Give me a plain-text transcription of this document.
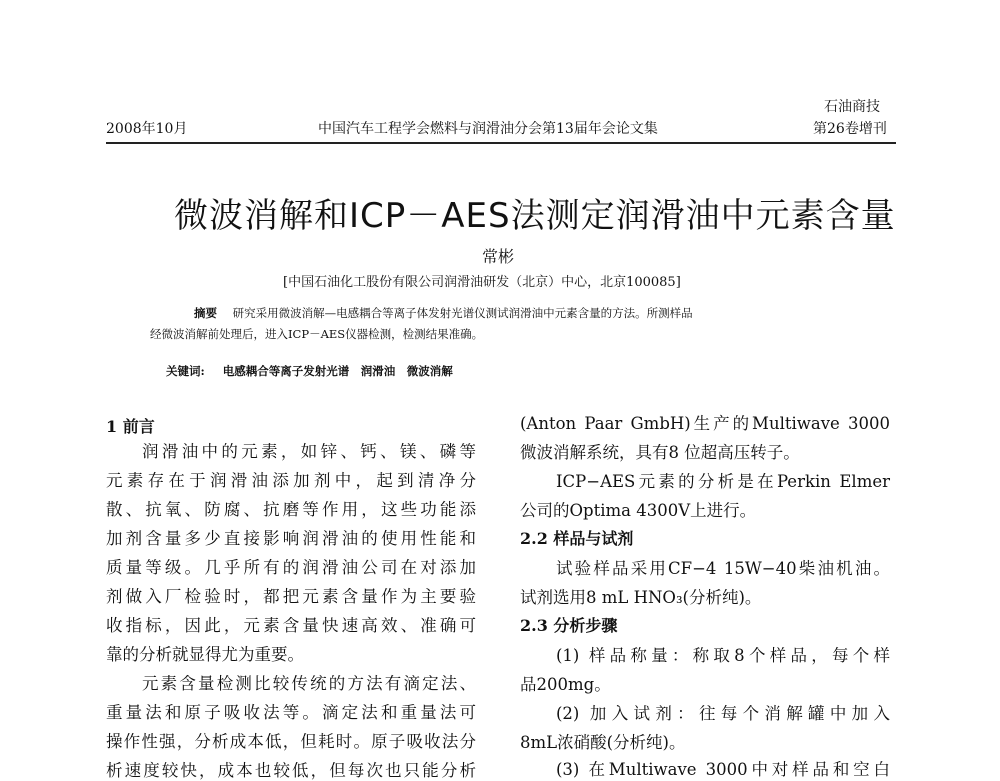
石油商技
2008年10月	中国汽车工程学会燃料与润滑油分会第13届年会论文集	第26卷增刊
微波消解和ICP－AES法测定润滑油中元素含量
常彬
[中国石油化工股份有限公司润滑油研发（北京）中心，北京100085]
摘要 研究采用微波消解—电感耦合等离子体发射光谱仪测试润滑油中元素含量的方法。所测样品
经微波消解前处理后，进入ICP－AES仪器检测，检测结果准确。
关键词: 电感耦合等离子发射光谱　润滑油　微波消解
1 前言
润滑油中的元素，如锌、钙、镁、磷等
元素存在于润滑油添加剂中，起到清净分
散、抗氧、防腐、抗磨等作用，这些功能添
加剂含量多少直接影响润滑油的使用性能和
质量等级。几乎所有的润滑油公司在对添加
剂做入厂检验时，都把元素含量作为主要验
收指标，因此，元素含量快速高效、准确可
靠的分析就显得尤为重要。
元素含量检测比较传统的方法有滴定法、
重量法和原子吸收法等。滴定法和重量法可
操作性强，分析成本低，但耗时。原子吸收法分
析速度较快，成本也较低，但每次也只能分析
(Anton Paar GmbH)生产的Multiwave 3000
微波消解系统，具有8 位超高压转子。
ICP−AES元素的分析是在Perkin Elmer
公司的Optima 4300V上进行。
2.2 样品与试剂
试验样品采用CF−4 15W−40柴油机油。
试剂选用8 mL HNO₃(分析纯)。
2.3 分析步骤
(1) 样品称量：称取8个样品，每个样
品200mg。
(2) 加入试剂：往每个消解罐中加入
8mL浓硝酸(分析纯)。
(3) 在Multiwave 3000中对样品和空白
